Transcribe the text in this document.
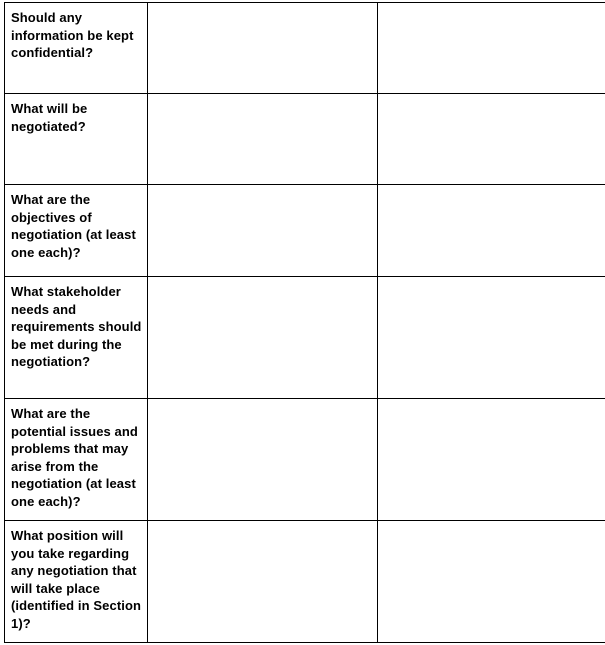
Should any information be kept confidential?		

What will be negotiated?		

What are the objectives of negotiation (at least one each)?		

What stakeholder needs and requirements should be met during the negotiation?		

What are the potential issues and problems that may arise from the negotiation (at least one each)?		

What position will you take regarding any negotiation that will take place (identified in Section 1)?		
